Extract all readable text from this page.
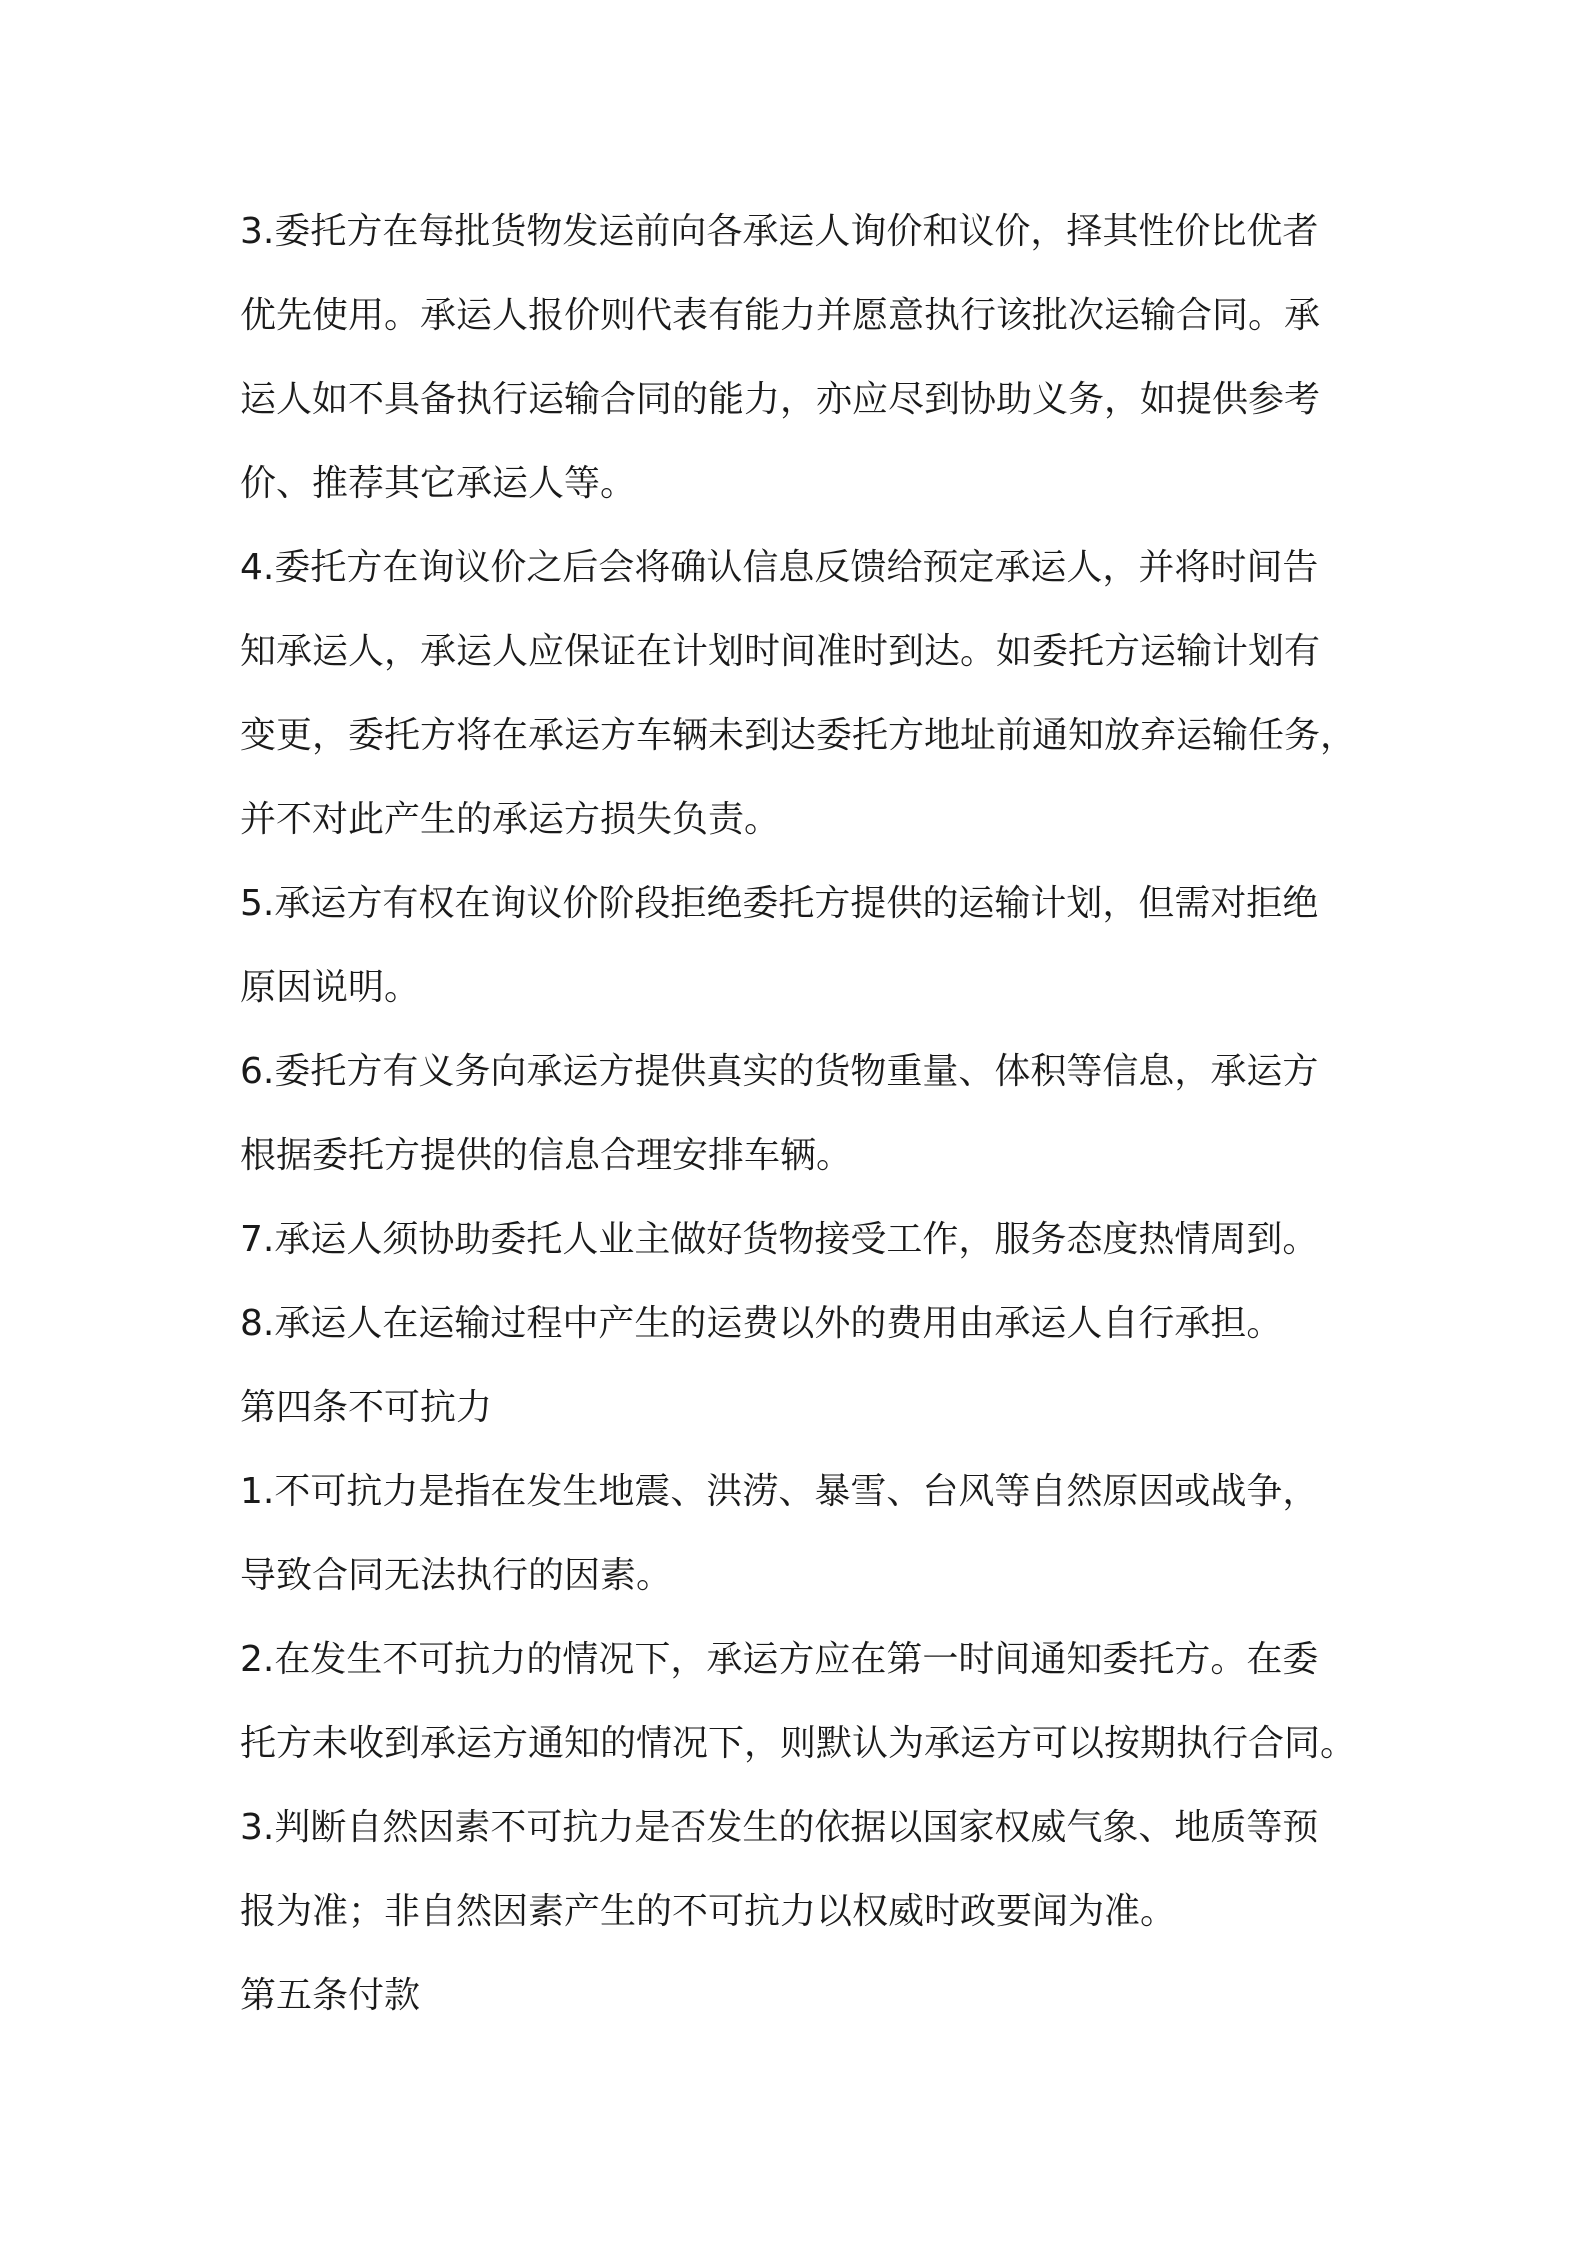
3.委托方在每批货物发运前向各承运人询价和议价，择其性价比优者
优先使用。承运人报价则代表有能力并愿意执行该批次运输合同。承
运人如不具备执行运输合同的能力，亦应尽到协助义务，如提供参考
价、推荐其它承运人等。

4.委托方在询议价之后会将确认信息反馈给预定承运人，并将时间告
知承运人，承运人应保证在计划时间准时到达。如委托方运输计划有
变更，委托方将在承运方车辆未到达委托方地址前通知放弃运输任务，
并不对此产生的承运方损失负责。

5.承运方有权在询议价阶段拒绝委托方提供的运输计划，但需对拒绝
原因说明。

6.委托方有义务向承运方提供真实的货物重量、体积等信息，承运方
根据委托方提供的信息合理安排车辆。

7.承运人须协助委托人业主做好货物接受工作，服务态度热情周到。

8.承运人在运输过程中产生的运费以外的费用由承运人自行承担。

第四条不可抗力

1.不可抗力是指在发生地震、洪涝、暴雪、台风等自然原因或战争，
导致合同无法执行的因素。

2.在发生不可抗力的情况下，承运方应在第一时间通知委托方。在委
托方未收到承运方通知的情况下，则默认为承运方可以按期执行合同。

3.判断自然因素不可抗力是否发生的依据以国家权威气象、地质等预
报为准；非自然因素产生的不可抗力以权威时政要闻为准。

第五条付款
